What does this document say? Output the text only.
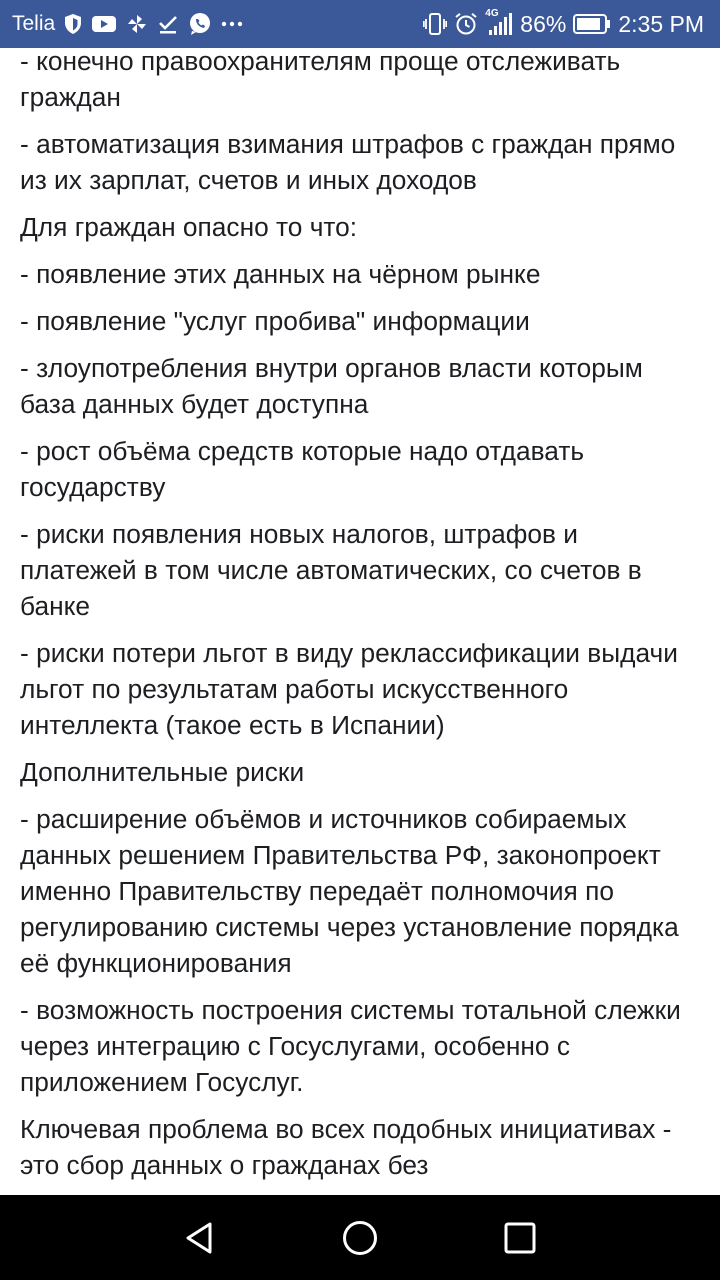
Telia	4G 86% 2:35 PM

- конечно правоохранителям проще отслеживать граждан

- автоматизация взимания штрафов с граждан прямо из их зарплат, счетов и иных доходов

Для граждан опасно то что:

- появление этих данных на чёрном рынке

- появление "услуг пробива" информации

- злоупотребления внутри органов власти которым база данных будет доступна

- рост объёма средств которые надо отдавать государству

- риски появления новых налогов, штрафов и платежей в том числе автоматических, со счетов в банке

- риски потери льгот в виду реклассификации выдачи льгот по результатам работы искусственного интеллекта (такое есть в Испании)

Дополнительные риски

- расширение объёмов и источников собираемых данных решением Правительства РФ, законопроект именно Правительству передаёт полномочия по регулированию системы через установление порядка её функционирования

- возможность построения системы тотальной слежки через интеграцию с Госуслугами, особенно с приложением Госуслуг.

Ключевая проблема во всех подобных инициативах - это сбор данных о гражданах без
